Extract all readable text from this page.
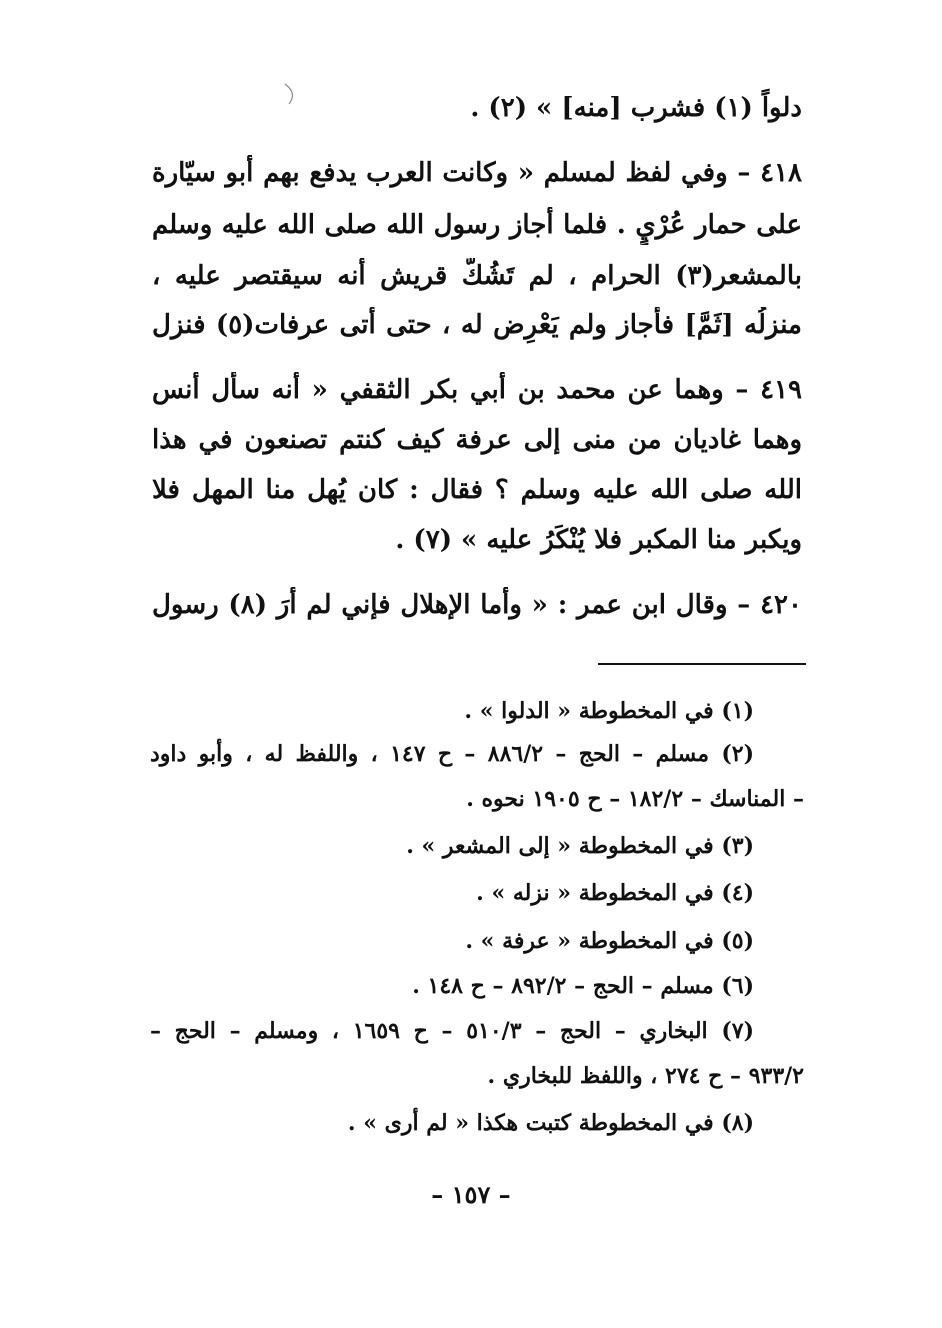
دلواً (١) فشرب [منه] » (٢) .
٤١٨ – وفي لفظ لمسلم « وكانت العرب يدفع بهم أبو سيّارة
على حمار عُرْيٍ . فلما أجاز رسول الله صلى الله عليه وسلم
بالمشعر(٣) الحرام ، لم تَشُكَّ قريش أنه سيقتصر عليه ،
منزلُه [ثَمَّ] فأجاز ولم يَعْرِض له ، حتى أتى عرفات(٥) فنزل
٤١٩ – وهما عن محمد بن أبي بكر الثقفي « أنه سأل أنس
وهما غاديان من منى إلى عرفة كيف كنتم تصنعون في هذا
الله صلى الله عليه وسلم ؟ فقال : كان يُهل منا المهل فلا
ويكبر منا المكبر فلا يُنْكَرُ عليه » (٧) .
٤٢٠ – وقال ابن عمر : « وأما الإهلال فإني لم أرَ (٨) رسول
(١) في المخطوطة « الدلوا » .
(٢) مسلم – الحج – ٨٨٦/٢ – ح ١٤٧ ، واللفظ له ، وأبو داود
– المناسك – ١٨٢/٢ – ح ١٩٠٥ نحوه .
(٣) في المخطوطة « إلى المشعر » .
(٤) في المخطوطة « نزله » .
(٥) في المخطوطة « عرفة » .
(٦) مسلم – الحج – ٨٩٢/٢ – ح ١٤٨ .
(٧) البخاري – الحج – ٥١٠/٣ – ح ١٦٥٩ ، ومسلم – الحج –
٩٣٣/٢ – ح ٢٧٤ ، واللفظ للبخاري .
(٨) في المخطوطة كتبت هكذا « لم أرى » .
– ١٥٧ –
